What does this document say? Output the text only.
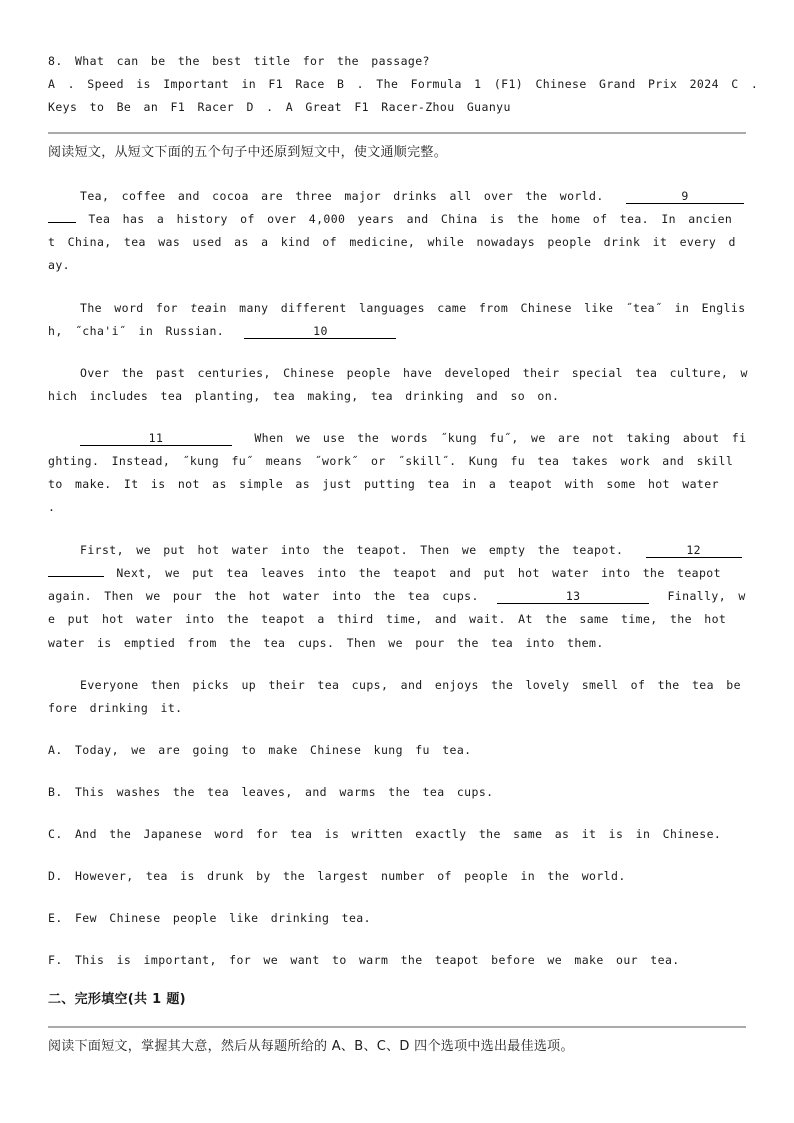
8. What can be the best title for the passage?
A . Speed is Important in F1 Race B . The Formula 1 (F1) Chinese Grand Prix 2024 C .
Keys to Be an F1 Racer D . A Great F1 Racer-Zhou Guanyu
阅读短文，从短文下面的五个句子中还原到短文中，使文通顺完整。
Tea, coffee and cocoa are three major drinks all over the world.	9
Tea has a history of over 4,000 years and China is the home of tea. In ancien
t China, tea was used as a kind of medicine, while nowadays people drink it every d
ay.
The word for teain many different languages came from Chinese like ˝tea˝ in Englis
h, ˝cha'i˝ in Russian.	10
Over the past centuries, Chinese people have developed their special tea culture, w
hich includes tea planting, tea making, tea drinking and so on.
11	When we use the words ˝kung fu˝, we are not taking about fi
ghting. Instead, ˝kung fu˝ means ˝work˝ or ˝skill˝. Kung fu tea takes work and skill
to make. It is not as simple as just putting tea in a teapot with some hot water
.
First, we put hot water into the teapot. Then we empty the teapot.	12
Next, we put tea leaves into the teapot and put hot water into the teapot
again. Then we pour the hot water into the tea cups.	13	Finally, w
e put hot water into the teapot a third time, and wait. At the same time, the hot
water is emptied from the tea cups. Then we pour the tea into them.
Everyone then picks up their tea cups, and enjoys the lovely smell of the tea be
fore drinking it.
A. Today, we are going to make Chinese kung fu tea.
B. This washes the tea leaves, and warms the tea cups.
C. And the Japanese word for tea is written exactly the same as it is in Chinese.
D. However, tea is drunk by the largest number of people in the world.
E. Few Chinese people like drinking tea.
F. This is important, for we want to warm the teapot before we make our tea.
二、完形填空(共 1 题)
阅读下面短文，掌握其大意，然后从每题所给的 A、B、C、D 四个选项中选出最佳选项。
